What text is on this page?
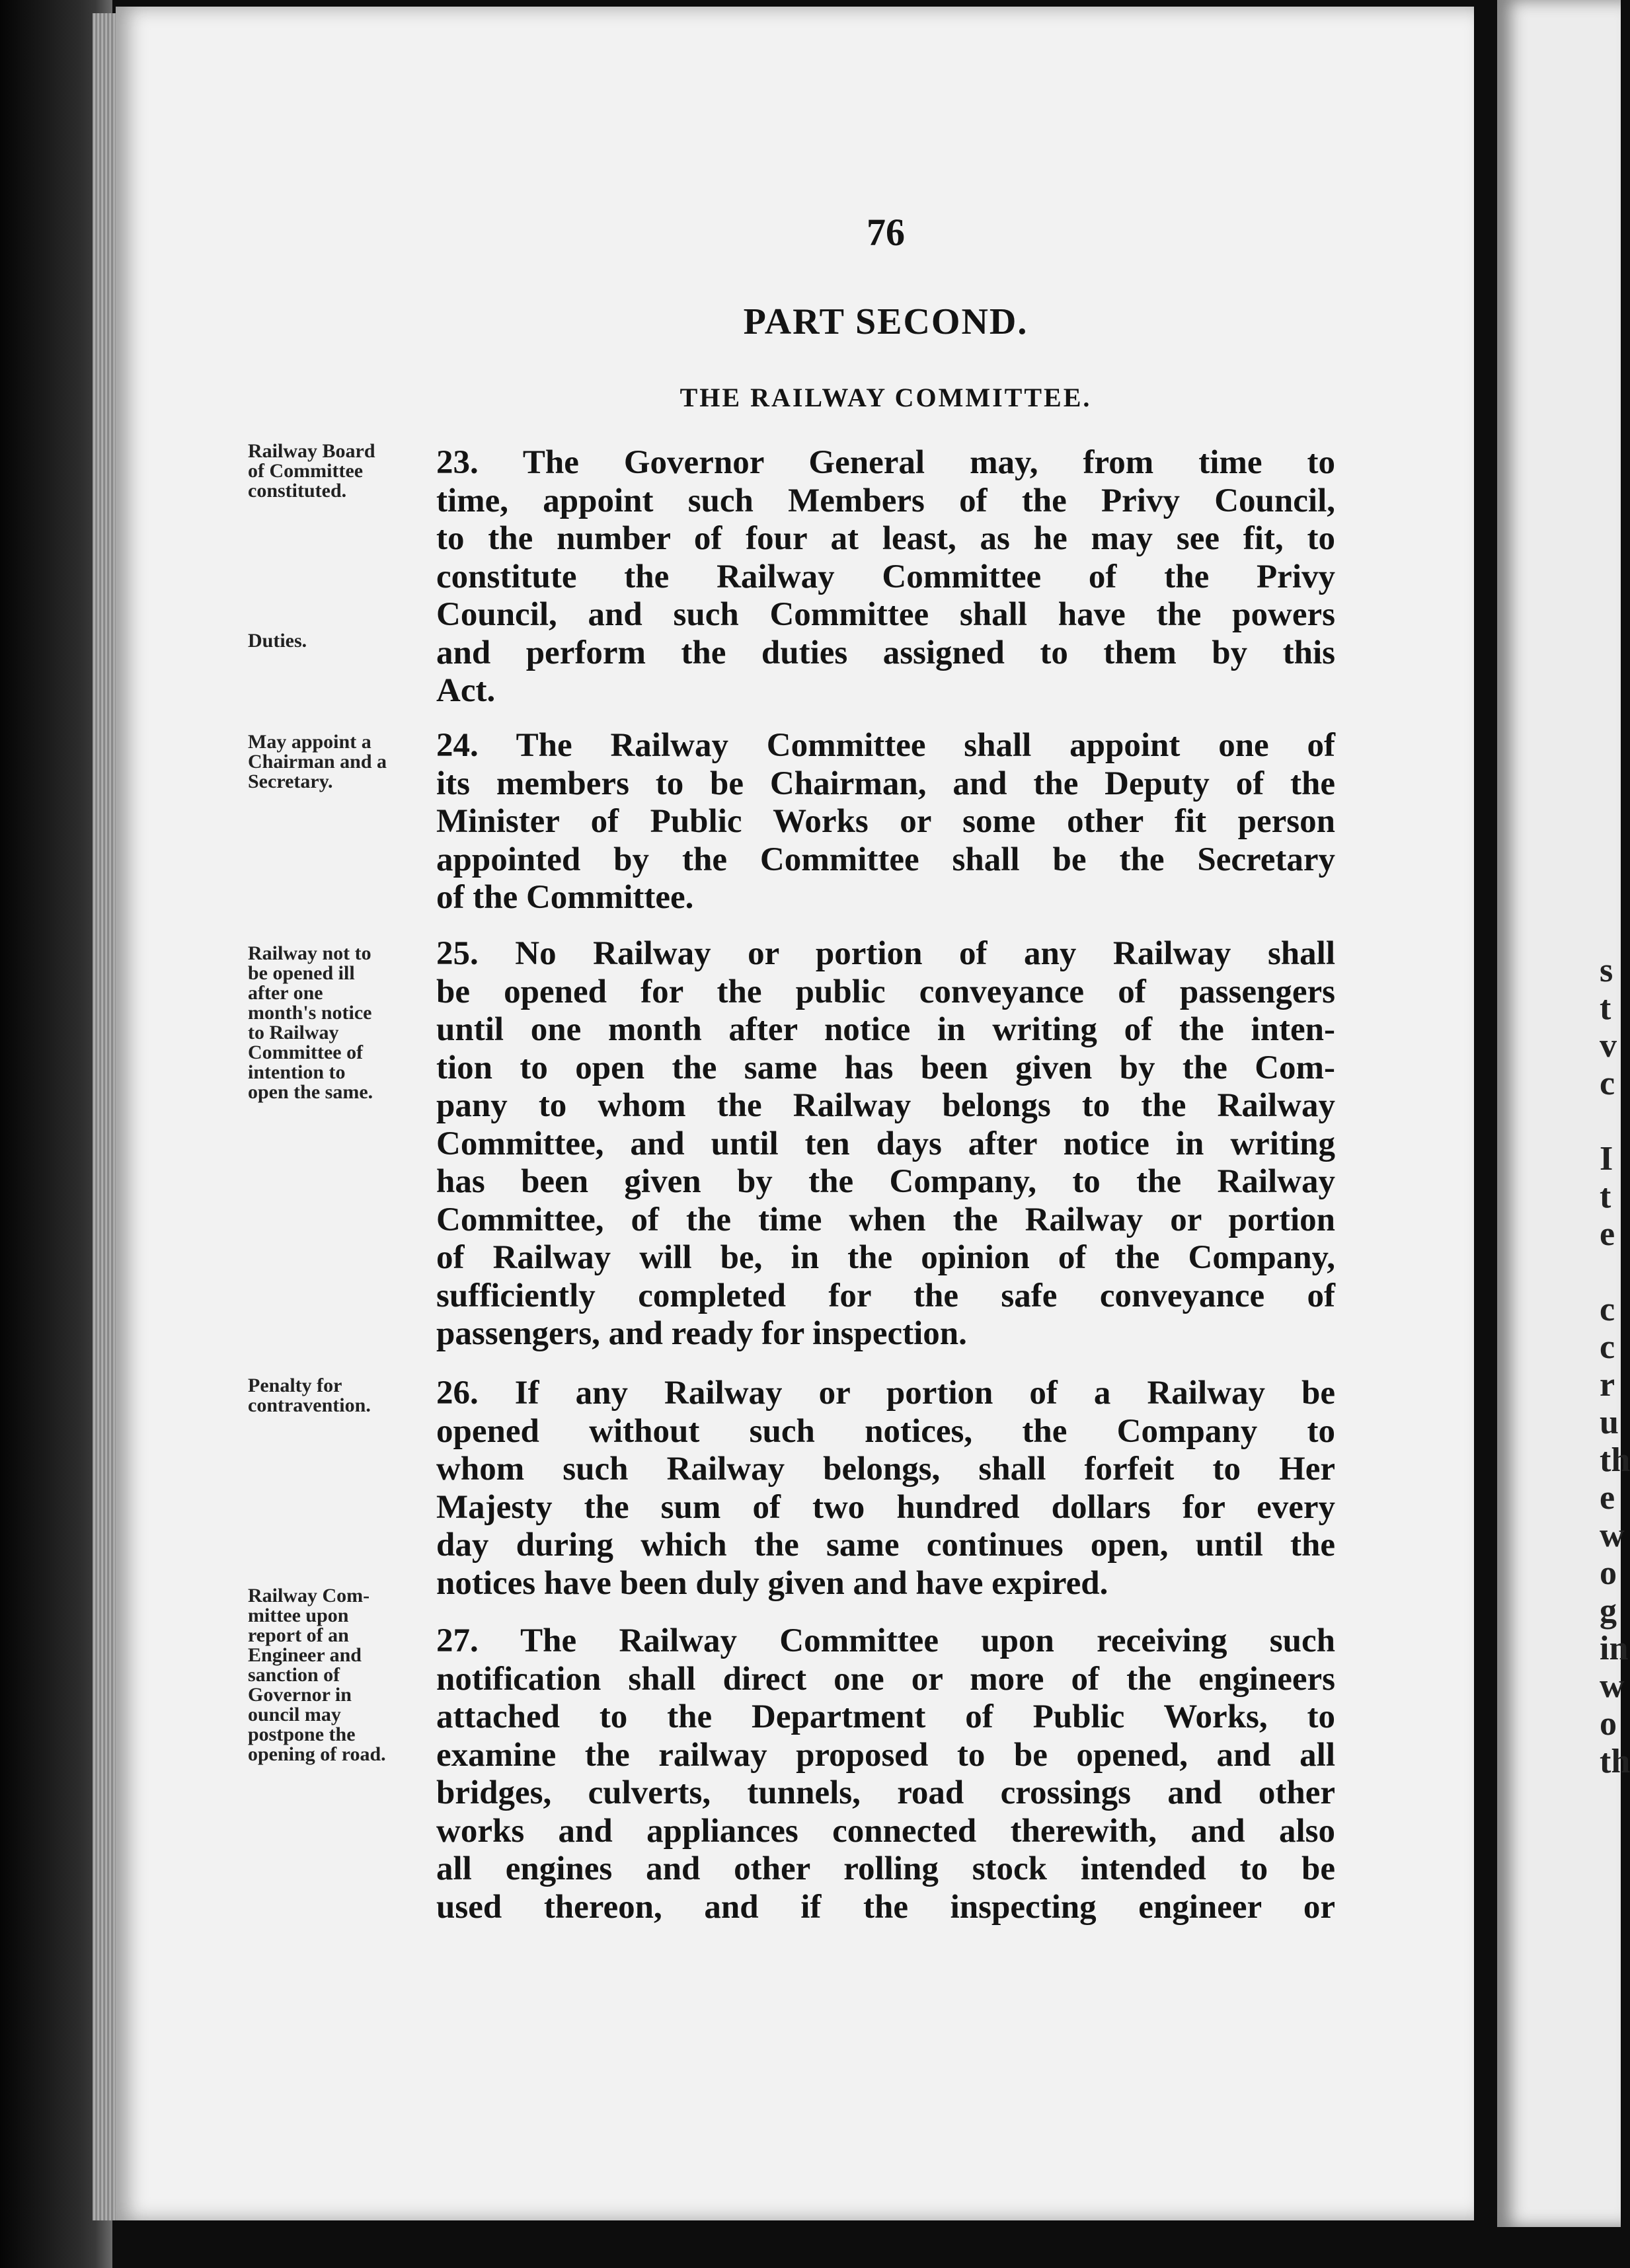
76
PART SECOND.
THE RAILWAY COMMITTEE.
Railway Board
of Committee
constituted.
Duties.
May appoint a
Chairman and a
Secretary.
Railway not to
be opened ill
after one
month's notice
to Railway
Committee of
intention to
open the same.
Penalty for
contravention.
Railway Com-
mittee upon
report of an
Engineer and
sanction of
Governor in
ouncil may
postpone the
opening of road.
23. The Governor General may, from time to
time, appoint such Members of the Privy Council,
to the number of four at least, as he may see fit, to
constitute the Railway Committee of the Privy
Council, and such Committee shall have the powers
and perform the duties assigned to them by this
Act.
24. The Railway Committee shall appoint one of
its members to be Chairman, and the Deputy of the
Minister of Public Works or some other fit person
appointed by the Committee shall be the Secretary
of the Committee.
25. No Railway or portion of any Railway shall
be opened for the public conveyance of passengers
until one month after notice in writing of the inten-
tion to open the same has been given by the Com-
pany to whom the Railway belongs to the Railway
Committee, and until ten days after notice in writing
has been given by the Company, to the Railway
Committee, of the time when the Railway or portion
of Railway will be, in the opinion of the Company,
sufficiently completed for the safe conveyance of
passengers, and ready for inspection.
26. If any Railway or portion of a Railway be
opened without such notices, the Company to
whom such Railway belongs, shall forfeit to Her
Majesty the sum of two hundred dollars for every
day during which the same continues open, until the
notices have been duly given and have expired.
27. The Railway Committee upon receiving such
notification shall direct one or more of the engineers
attached to the Department of Public Works, to
examine the railway proposed to be opened, and all
bridges, culverts, tunnels, road crossings and other
works and appliances connected therewith, and also
all engines and other rolling stock intended to be
used thereon, and if the inspecting engineer or
s
t
v
c

I
t
e

c
c
r
u
th
e
w
o
g
in
w
o
th
